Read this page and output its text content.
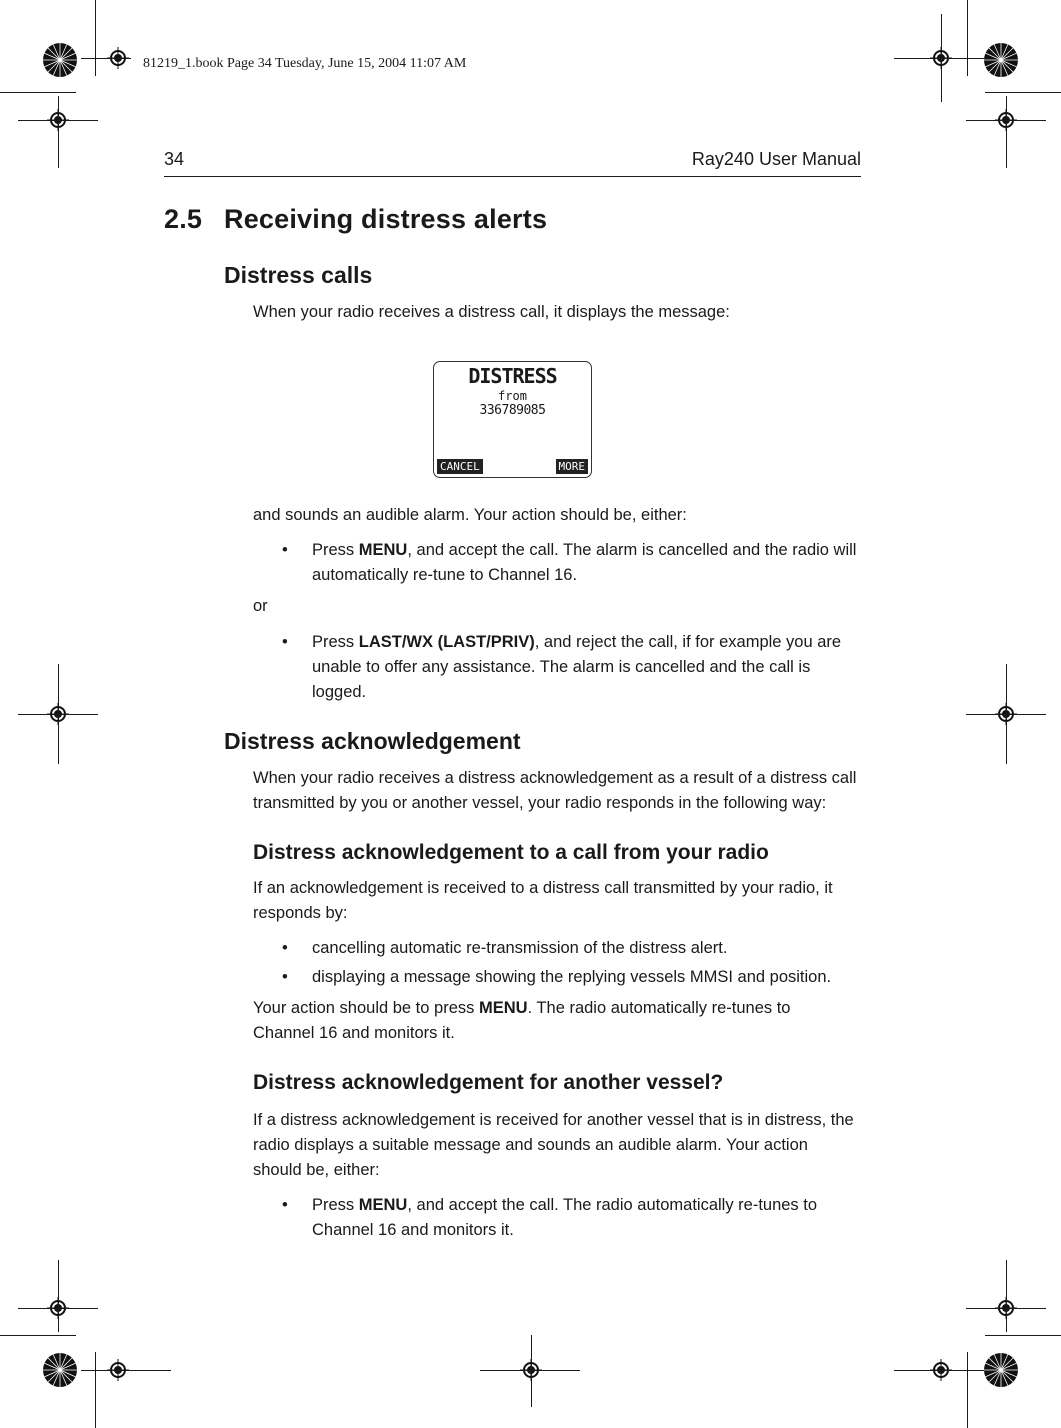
81219_1.book Page 34 Tuesday, June 15, 2004 11:07 AM
34	Ray240 User Manual
2.5 Receiving distress alerts
Distress calls
When your radio receives a distress call, it displays the message:
DISTRESS
from
336789085
CANCEL	MORE
and sounds an audible alarm. Your action should be, either:
• Press MENU, and accept the call. The alarm is cancelled and the radio will
automatically re-tune to Channel 16.
or
• Press LAST/WX (LAST/PRIV), and reject the call, if for example you are
unable to offer any assistance. The alarm is cancelled and the call is
logged.
Distress acknowledgement
When your radio receives a distress acknowledgement as a result of a distress call
transmitted by you or another vessel, your radio responds in the following way:
Distress acknowledgement to a call from your radio
If an acknowledgement is received to a distress call transmitted by your radio, it
responds by:
• cancelling automatic re-transmission of the distress alert.
• displaying a message showing the replying vessels MMSI and position.
Your action should be to press MENU. The radio automatically re-tunes to
Channel 16 and monitors it.
Distress acknowledgement for another vessel?
If a distress acknowledgement is received for another vessel that is in distress, the
radio displays a suitable message and sounds an audible alarm. Your action
should be, either:
• Press MENU, and accept the call. The radio automatically re-tunes to
Channel 16 and monitors it.
